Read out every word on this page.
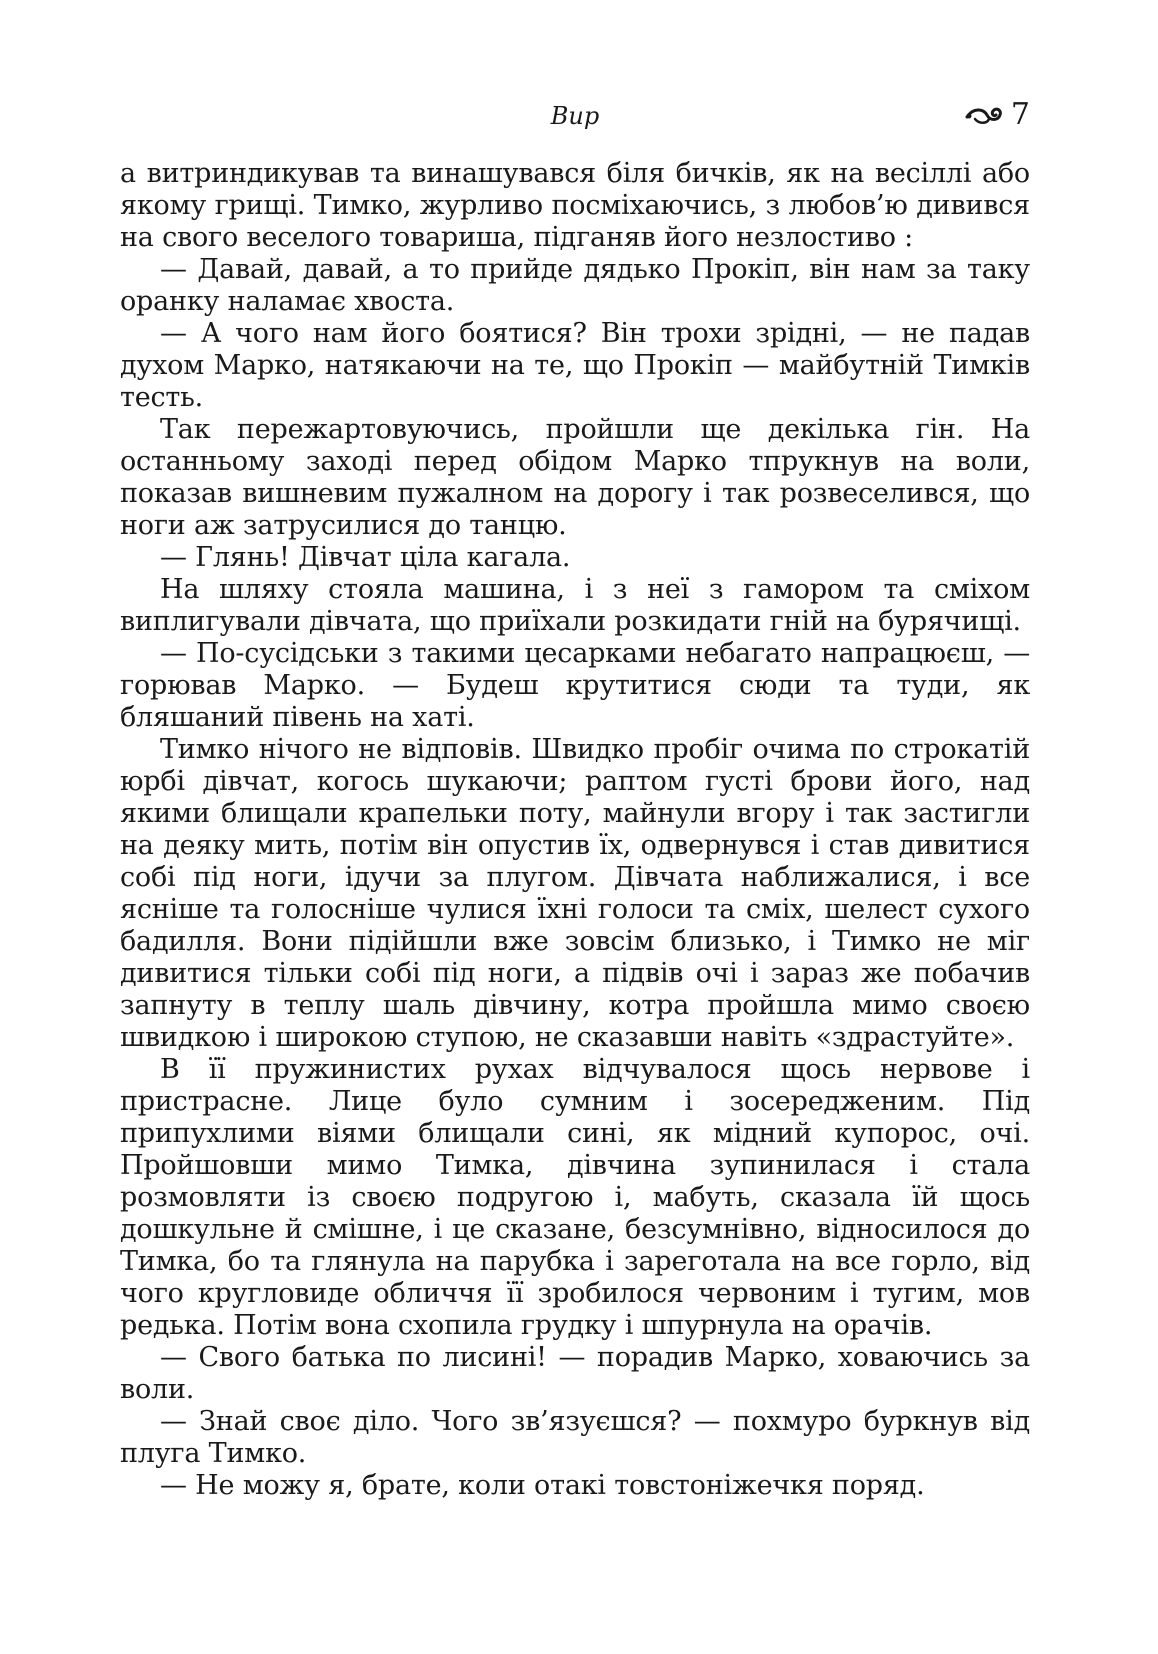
Вир	7

а витриндикував та винашувався біля бичків, як на весіллі або якому грищі. Тимко, журливо посміхаючись, з любов’ю дивився на свого веселого товариша, підганяв його незлостиво :

— Давай, давай, а то прийде дядько Прокіп, він нам за таку оранку наламає хвоста.

— А чого нам його боятися? Він трохи зрідні, — не падав духом Марко, натякаючи на те, що Прокіп — майбутній Тимків тесть.

Так пережартовуючись, пройшли ще декілька гін. На останньому заході перед обідом Марко тпрукнув на воли, показав вишневим пужалном на дорогу і так розвеселився, що ноги аж затрусилися до танцю.

— Глянь! Дівчат ціла кагала.

На шляху стояла машина, і з неї з гамором та сміхом виплигували дівчата, що приїхали розкидати гній на бурячищі.

— По-сусідськи з такими цесарками небагато напрацюєш, — горював Марко. — Будеш крутитися сюди та туди, як бляшаний півень на хаті.

Тимко нічого не відповів. Швидко пробіг очима по строкатій юрбі дівчат, когось шукаючи; раптом густі брови його, над якими блищали крапельки поту, майнули вгору і так застигли на деяку мить, потім він опустив їх, одвернувся і став дивитися собі під ноги, ідучи за плугом. Дівчата наближалися, і все ясніше та голосніше чулися їхні голоси та сміх, шелест сухого бадилля. Вони підійшли вже зовсім близько, і Тимко не міг дивитися тільки собі під ноги, а підвів очі і зараз же побачив запнуту в теплу шаль дівчину, котра пройшла мимо своєю швидкою і широкою ступою, не сказавши навіть «здрастуйте».

В її пружинистих рухах відчувалося щось нервове і пристрасне. Лице було сумним і зосередженим. Під припухлими віями блищали сині, як мідний купорос, очі. Пройшовши мимо Тимка, дівчина зупинилася і стала розмовляти із своєю подругою і, мабуть, сказала їй щось дошкульне й смішне, і це сказане, безсумнівно, відносилося до Тимка, бо та глянула на парубка і зареготала на все горло, від чого кругловиде обличчя її зробилося червоним і тугим, мов редька. Потім вона схопила грудку і шпурнула на орачів.

— Свого батька по лисині! — порадив Марко, ховаючись за воли.

— Знай своє діло. Чого зв’язуєшся? — похмуро буркнув від плуга Тимко.

— Не можу я, брате, коли отакі товстоніжечкя поряд.
